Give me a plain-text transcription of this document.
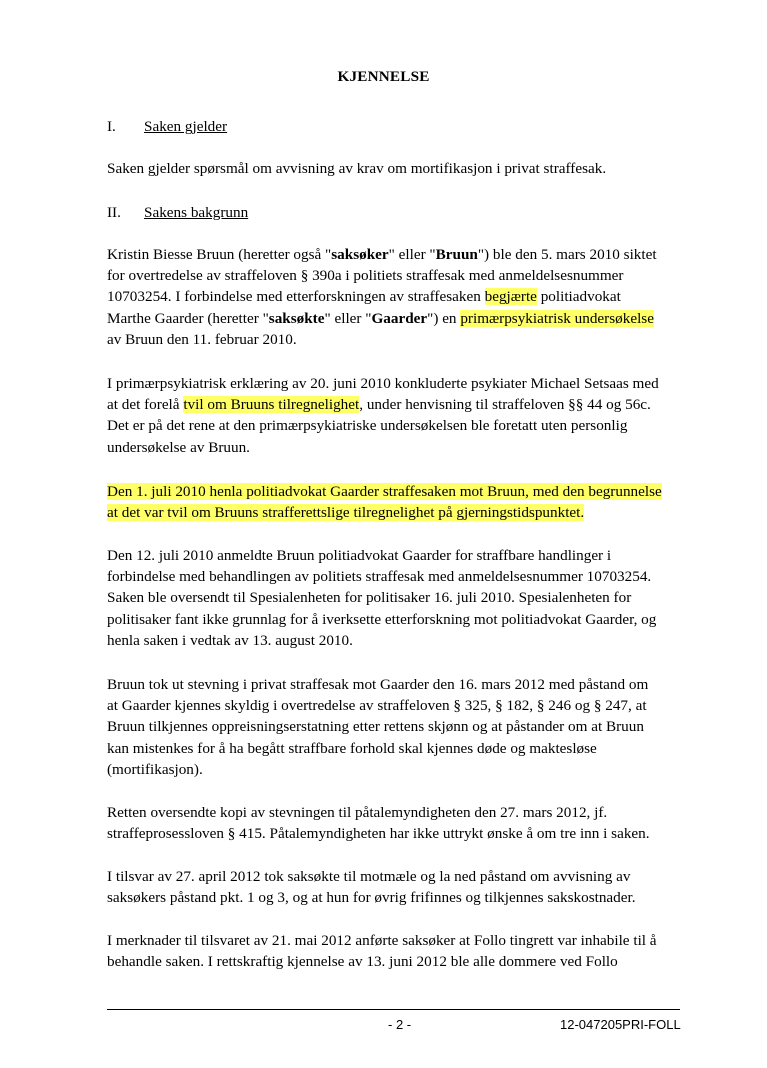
KJENNELSE
I. Saken gjelder
Saken gjelder spørsmål om avvisning av krav om mortifikasjon i privat straffesak.
II. Sakens bakgrunn
Kristin Biesse Bruun (heretter også "saksøker" eller "Bruun") ble den 5. mars 2010 siktet
for overtredelse av straffeloven § 390a i politiets straffesak med anmeldelsesnummer
10703254. I forbindelse med etterforskningen av straffesaken begjærte politiadvokat
Marthe Gaarder (heretter "saksøkte" eller "Gaarder") en primærpsykiatrisk undersøkelse
av Bruun den 11. februar 2010.
I primærpsykiatrisk erklæring av 20. juni 2010 konkluderte psykiater Michael Setsaas med
at det forelå tvil om Bruuns tilregnelighet, under henvisning til straffeloven §§ 44 og 56c.
Det er på det rene at den primærpsykiatriske undersøkelsen ble foretatt uten personlig
undersøkelse av Bruun.
Den 1. juli 2010 henla politiadvokat Gaarder straffesaken mot Bruun, med den begrunnelse
at det var tvil om Bruuns strafferettslige tilregnelighet på gjerningstidspunktet.
Den 12. juli 2010 anmeldte Bruun politiadvokat Gaarder for straffbare handlinger i
forbindelse med behandlingen av politiets straffesak med anmeldelsesnummer 10703254.
Saken ble oversendt til Spesialenheten for politisaker 16. juli 2010. Spesialenheten for
politisaker fant ikke grunnlag for å iverksette etterforskning mot politiadvokat Gaarder, og
henla saken i vedtak av 13. august 2010.
Bruun tok ut stevning i privat straffesak mot Gaarder den 16. mars 2012 med påstand om
at Gaarder kjennes skyldig i overtredelse av straffeloven § 325, § 182, § 246 og § 247, at
Bruun tilkjennes oppreisningserstatning etter rettens skjønn og at påstander om at Bruun
kan mistenkes for å ha begått straffbare forhold skal kjennes døde og maktesløse
(mortifikasjon).
Retten oversendte kopi av stevningen til påtalemyndigheten den 27. mars 2012, jf.
straffeprosessloven § 415. Påtalemyndigheten har ikke uttrykt ønske å om tre inn i saken.
I tilsvar av 27. april 2012 tok saksøkte til motmæle og la ned påstand om avvisning av
saksøkers påstand pkt. 1 og 3, og at hun for øvrig frifinnes og tilkjennes sakskostnader.
I merknader til tilsvaret av 21. mai 2012 anførte saksøker at Follo tingrett var inhabile til å
behandle saken. I rettskraftig kjennelse av 13. juni 2012 ble alle dommere ved Follo
- 2 -	12-047205PRI-FOLL
